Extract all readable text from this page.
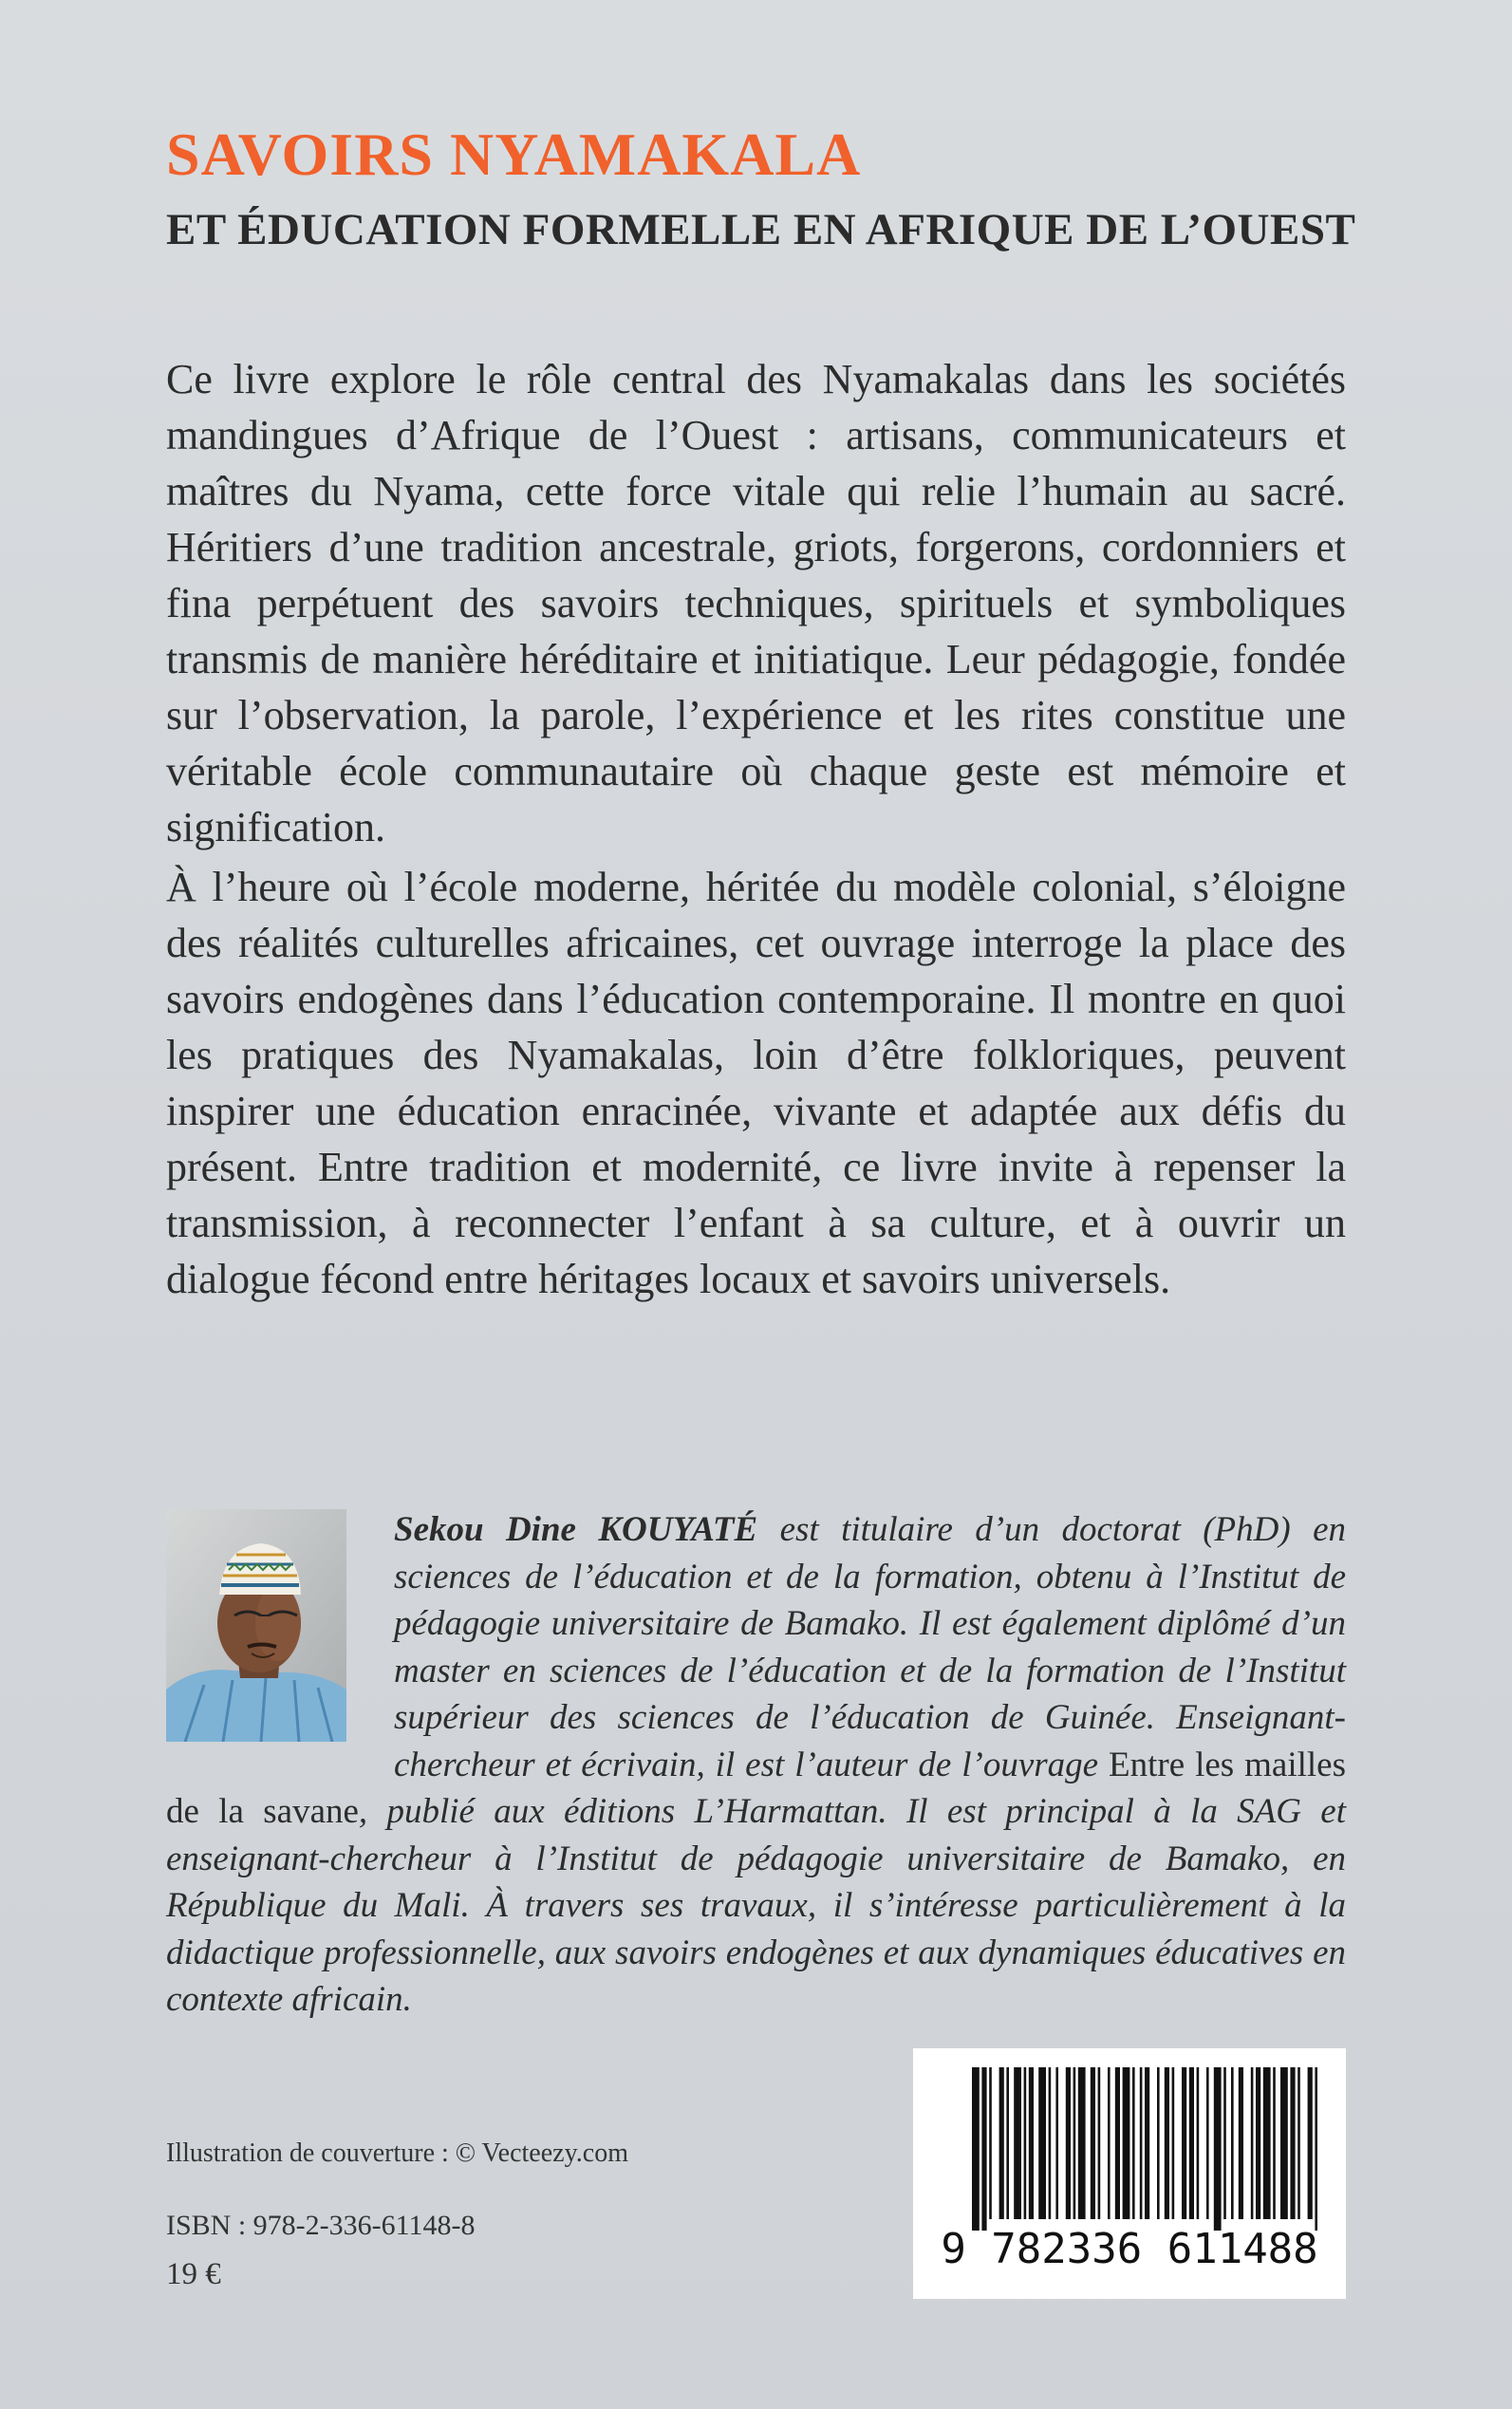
SAVOIRS NYAMAKALA
ET ÉDUCATION FORMELLE EN AFRIQUE DE L’OUEST
Ce livre explore le rôle central des Nyamakalas dans les sociétés mandingues d’Afrique de l’Ouest : artisans, communicateurs et maîtres du Nyama, cette force vitale qui relie l’humain au sacré. Héritiers d’une tradition ancestrale, griots, forgerons, cordonniers et fina perpétuent des savoirs techniques, spirituels et symboliques transmis de manière héréditaire et initiatique. Leur pédagogie, fondée sur l’observation, la parole, l’expérience et les rites constitue une véritable école communautaire où chaque geste est mémoire et signification.
À l’heure où l’école moderne, héritée du modèle colonial, s’éloigne des réalités culturelles africaines, cet ouvrage interroge la place des savoirs endogènes dans l’éducation contemporaine. Il montre en quoi les pratiques des Nyamakalas, loin d’être folkloriques, peuvent inspirer une éducation enracinée, vivante et adaptée aux défis du présent. Entre tradition et modernité, ce livre invite à repenser la transmission, à reconnecter l’enfant à sa culture, et à ouvrir un dialogue fécond entre héritages locaux et savoirs universels.
Sekou Dine KOUYATÉ est titulaire d’un doctorat (PhD) en sciences de l’éducation et de la formation, obtenu à l’Institut de pédagogie universitaire de Bamako. Il est également diplômé d’un master en sciences de l’éducation et de la formation de l’Institut supérieur des sciences de l’éducation de Guinée. Enseignant-chercheur et écrivain, il est l’auteur de l’ouvrage Entre les mailles de la savane, publié aux éditions L’Harmattan. Il est principal à la SAG et enseignant-chercheur à l’Institut de pédagogie universitaire de Bamako, en République du Mali. À travers ses travaux, il s’intéresse particulièrement à la didactique professionnelle, aux savoirs endogènes et aux dynamiques éducatives en contexte africain.
Illustration de couverture : © Vecteezy.com
ISBN : 978-2-336-61148-8
19 €
9 782336 611488
